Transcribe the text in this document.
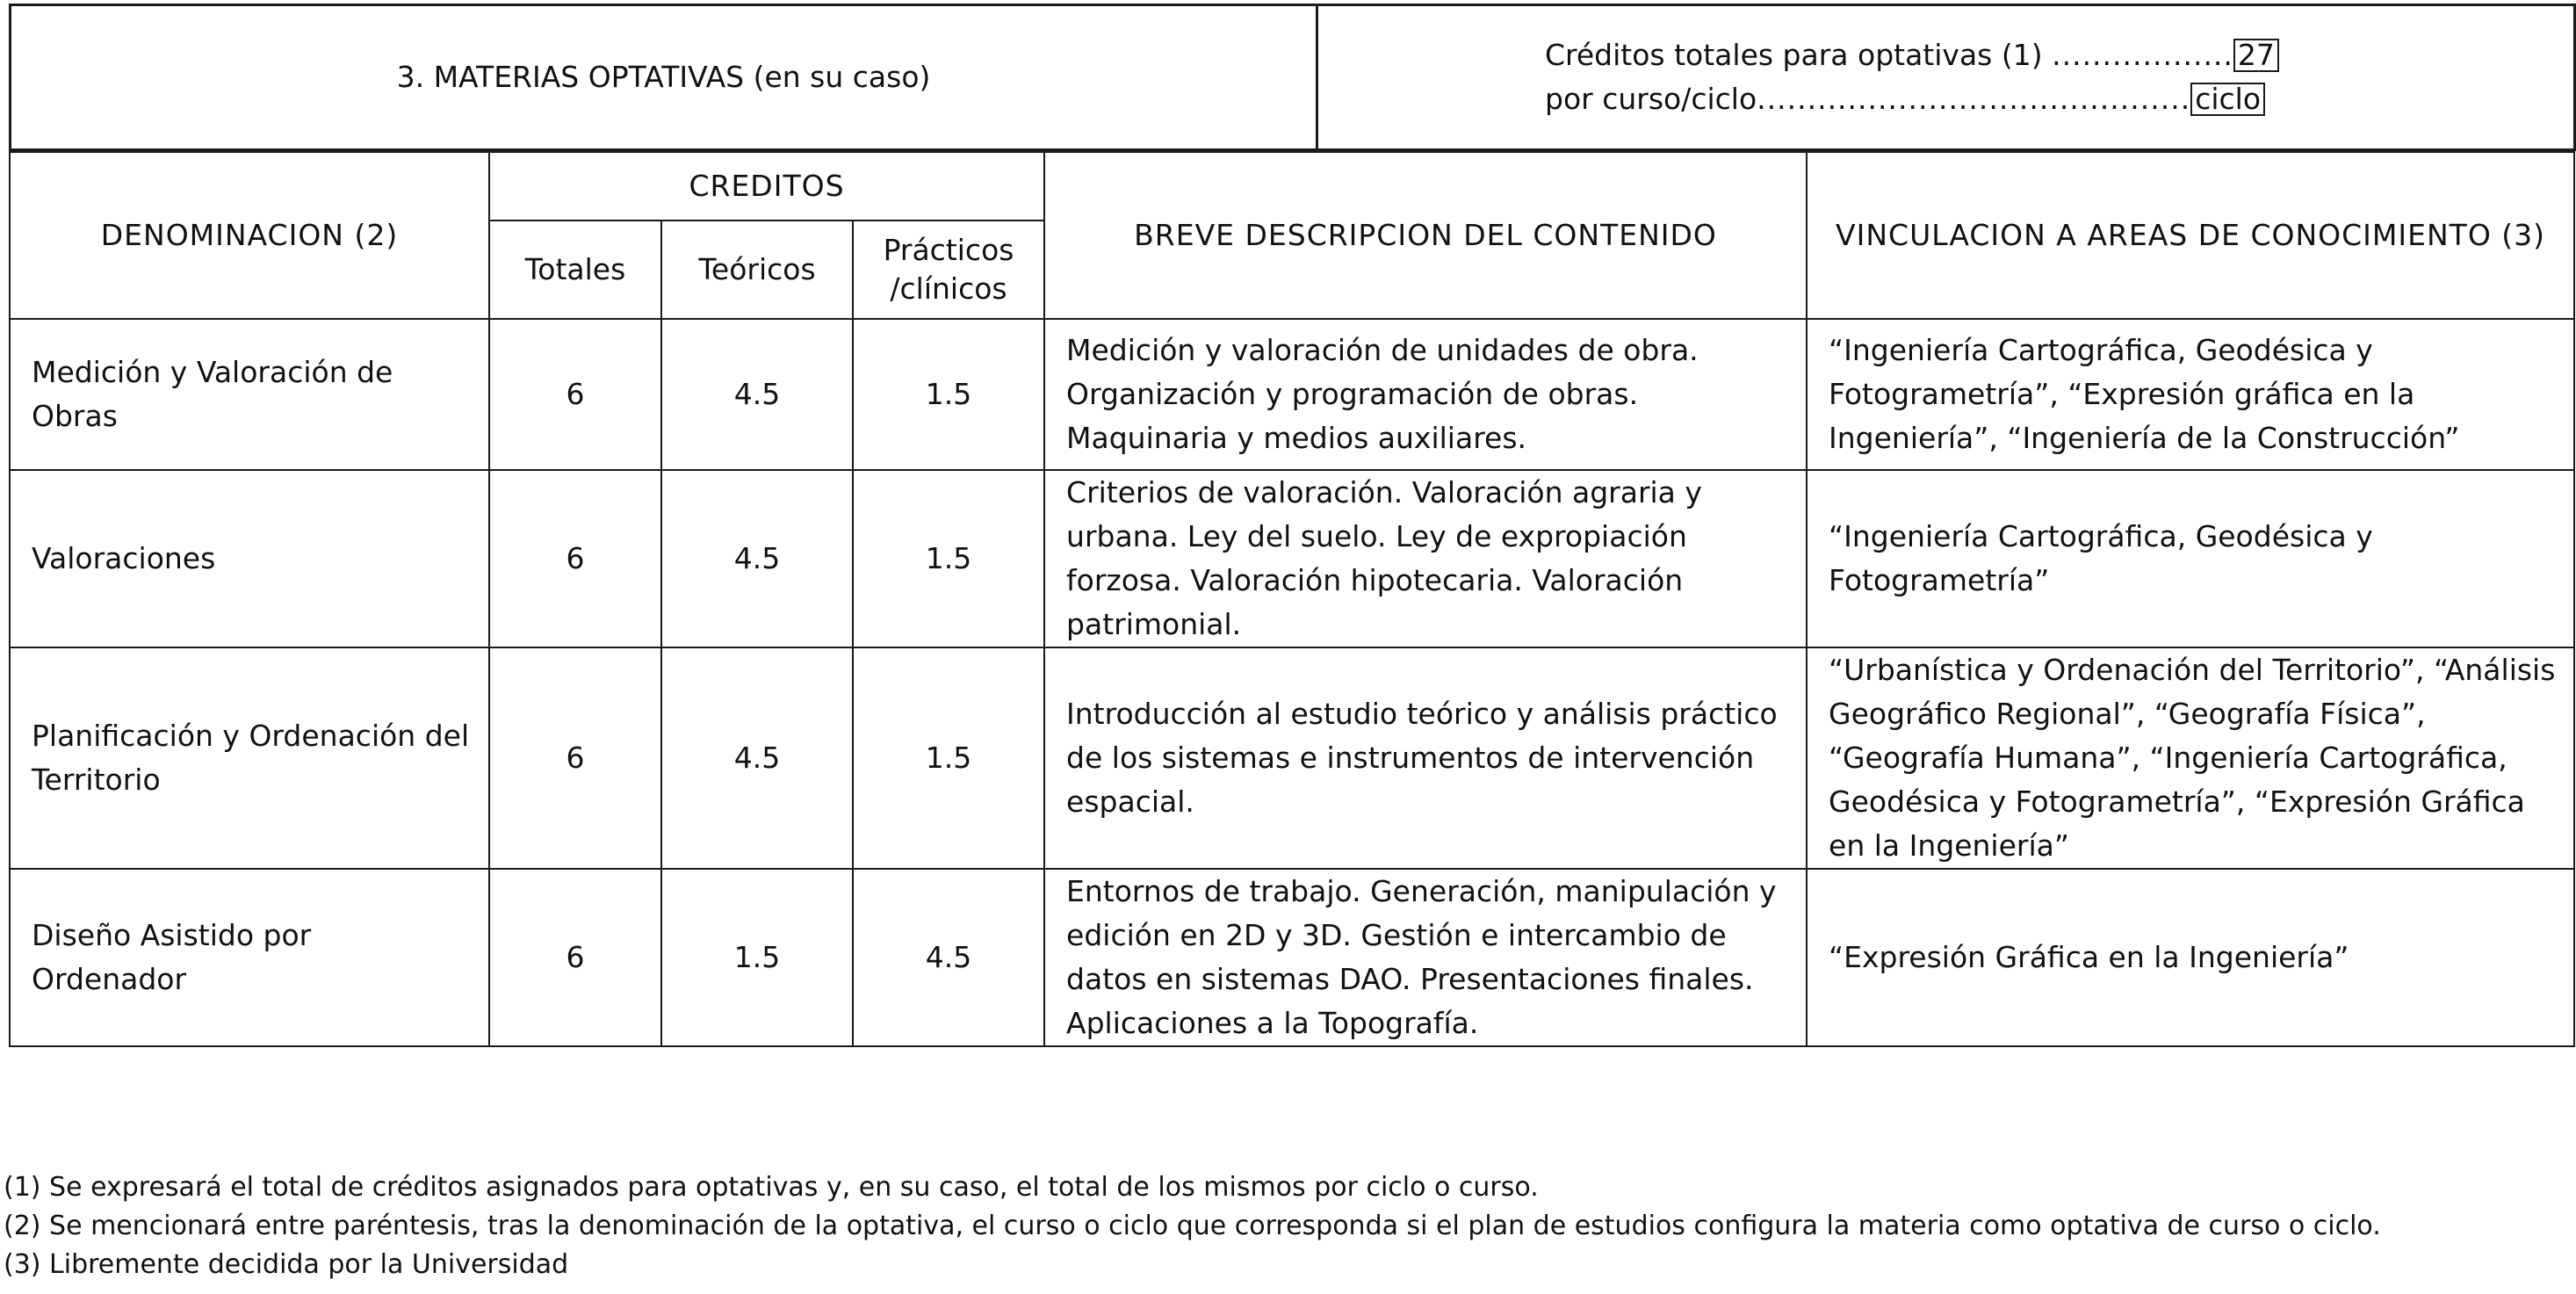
3. MATERIAS OPTATIVAS (en su caso)	
Créditos totales para optativas (1) .................. 27
por curso/ciclo........................................... ciclo
DENOMINACION (2)	CREDITOS			BREVE DESCRIPCION DEL CONTENIDO	VINCULACION A AREAS DE CONOCIMIENTO (3)
	Totales	Teóricos	Prácticos
/clínicos		
Medición y Valoración de Obras	6	4.5	1.5	Medición y valoración de unidades de obra. Organización y programación de obras. Maquinaria y medios auxiliares.	“Ingeniería Cartográfica, Geodésica y Fotogrametría”, “Expresión gráfica en la Ingeniería”, “Ingeniería de la Construcción”
Valoraciones	6	4.5	1.5	Criterios de valoración. Valoración agraria y urbana. Ley del suelo. Ley de expropiación forzosa. Valoración hipotecaria. Valoración patrimonial.	“Ingeniería Cartográfica, Geodésica y Fotogrametría”
Planificación y Ordenación del Territorio	6	4.5	1.5	Introducción al estudio teórico y análisis práctico de los sistemas e instrumentos de intervención espacial.	“Urbanística y Ordenación del Territorio”, “Análisis Geográfico Regional”, “Geografía Física”, “Geografía Humana”, “Ingeniería Cartográfica, Geodésica y Fotogrametría”, “Expresión Gráfica en la Ingeniería”
Diseño Asistido por Ordenador	6	1.5	4.5	Entornos de trabajo. Generación, manipulación y edición en 2D y 3D. Gestión e intercambio de datos en sistemas DAO. Presentaciones finales. Aplicaciones a la Topografía.	“Expresión Gráfica en la Ingeniería”
(1) Se expresará el total de créditos asignados para optativas y, en su caso, el total de los mismos por ciclo o curso.
(2) Se mencionará entre paréntesis, tras la denominación de la optativa, el curso o ciclo que corresponda si el plan de estudios configura la materia como optativa de curso o ciclo.
(3) Libremente decidida por la Universidad
